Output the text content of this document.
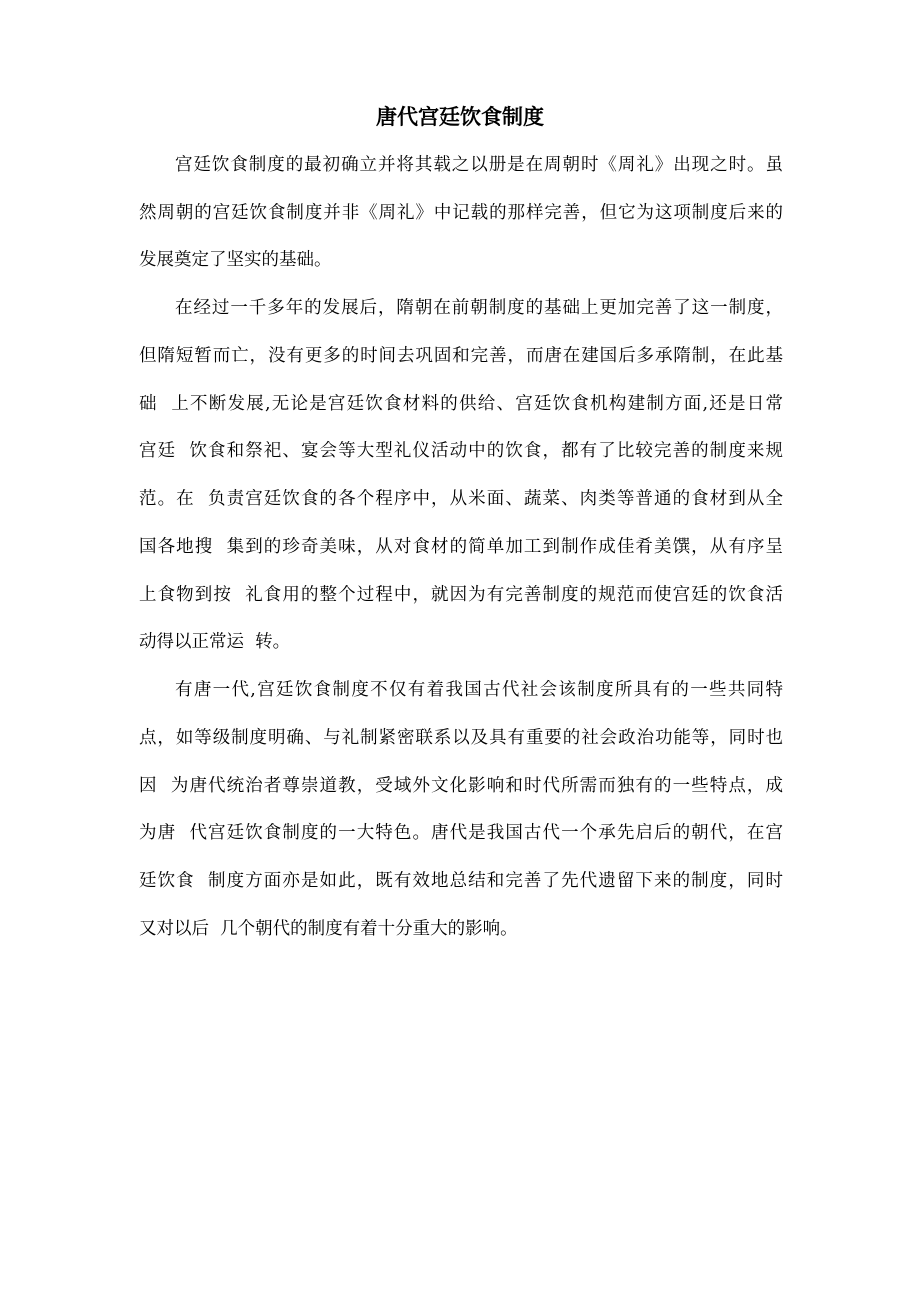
唐代宫廷饮食制度
宫廷饮食制度的最初确立并将其载之以册是在周朝时《周礼》出现之时。虽
然周朝的宫廷饮食制度并非《周礼》中记载的那样完善，但它为这项制度后来的
发展奠定了坚实的基础。
在经过一千多年的发展后，隋朝在前朝制度的基础上更加完善了这一制度，
但隋短暂而亡，没有更多的时间去巩固和完善，而唐在建国后多承隋制，在此基
础  上不断发展,无论是宫廷饮食材料的供给、宫廷饮食机构建制方面,还是日常
宫廷  饮食和祭祀、宴会等大型礼仪活动中的饮食，都有了比较完善的制度来规
范。在  负责宫廷饮食的各个程序中，从米面、蔬菜、肉类等普通的食材到从全
国各地搜  集到的珍奇美味，从对食材的简单加工到制作成佳肴美馔，从有序呈
上食物到按  礼食用的整个过程中，就因为有完善制度的规范而使宫廷的饮食活
动得以正常运  转。
有唐一代,宫廷饮食制度不仅有着我国古代社会该制度所具有的一些共同特
点，如等级制度明确、与礼制紧密联系以及具有重要的社会政治功能等，同时也
因  为唐代统治者尊崇道教，受域外文化影响和时代所需而独有的一些特点，成
为唐  代宫廷饮食制度的一大特色。唐代是我国古代一个承先启后的朝代，在宫
廷饮食  制度方面亦是如此，既有效地总结和完善了先代遗留下来的制度，同时
又对以后  几个朝代的制度有着十分重大的影响。
